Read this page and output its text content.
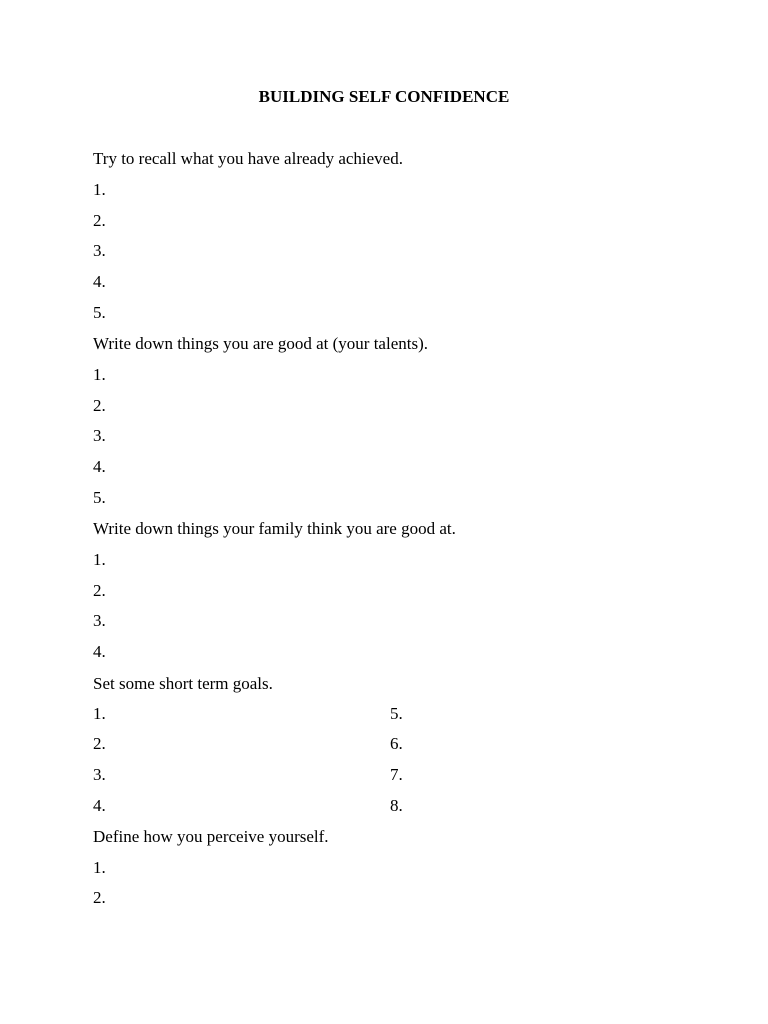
BUILDING SELF CONFIDENCE
Try to recall what you have already achieved.
1.
2.
3.
4.
5.
Write down things you are good at (your talents).
1.
2.
3.
4.
5.
Write down things your family think you are good at.
1.
2.
3.
4.
Set some short term goals.
1.	5.
2.	6.
3.	7.
4.	8.
Define how you perceive yourself.
1.
2.
